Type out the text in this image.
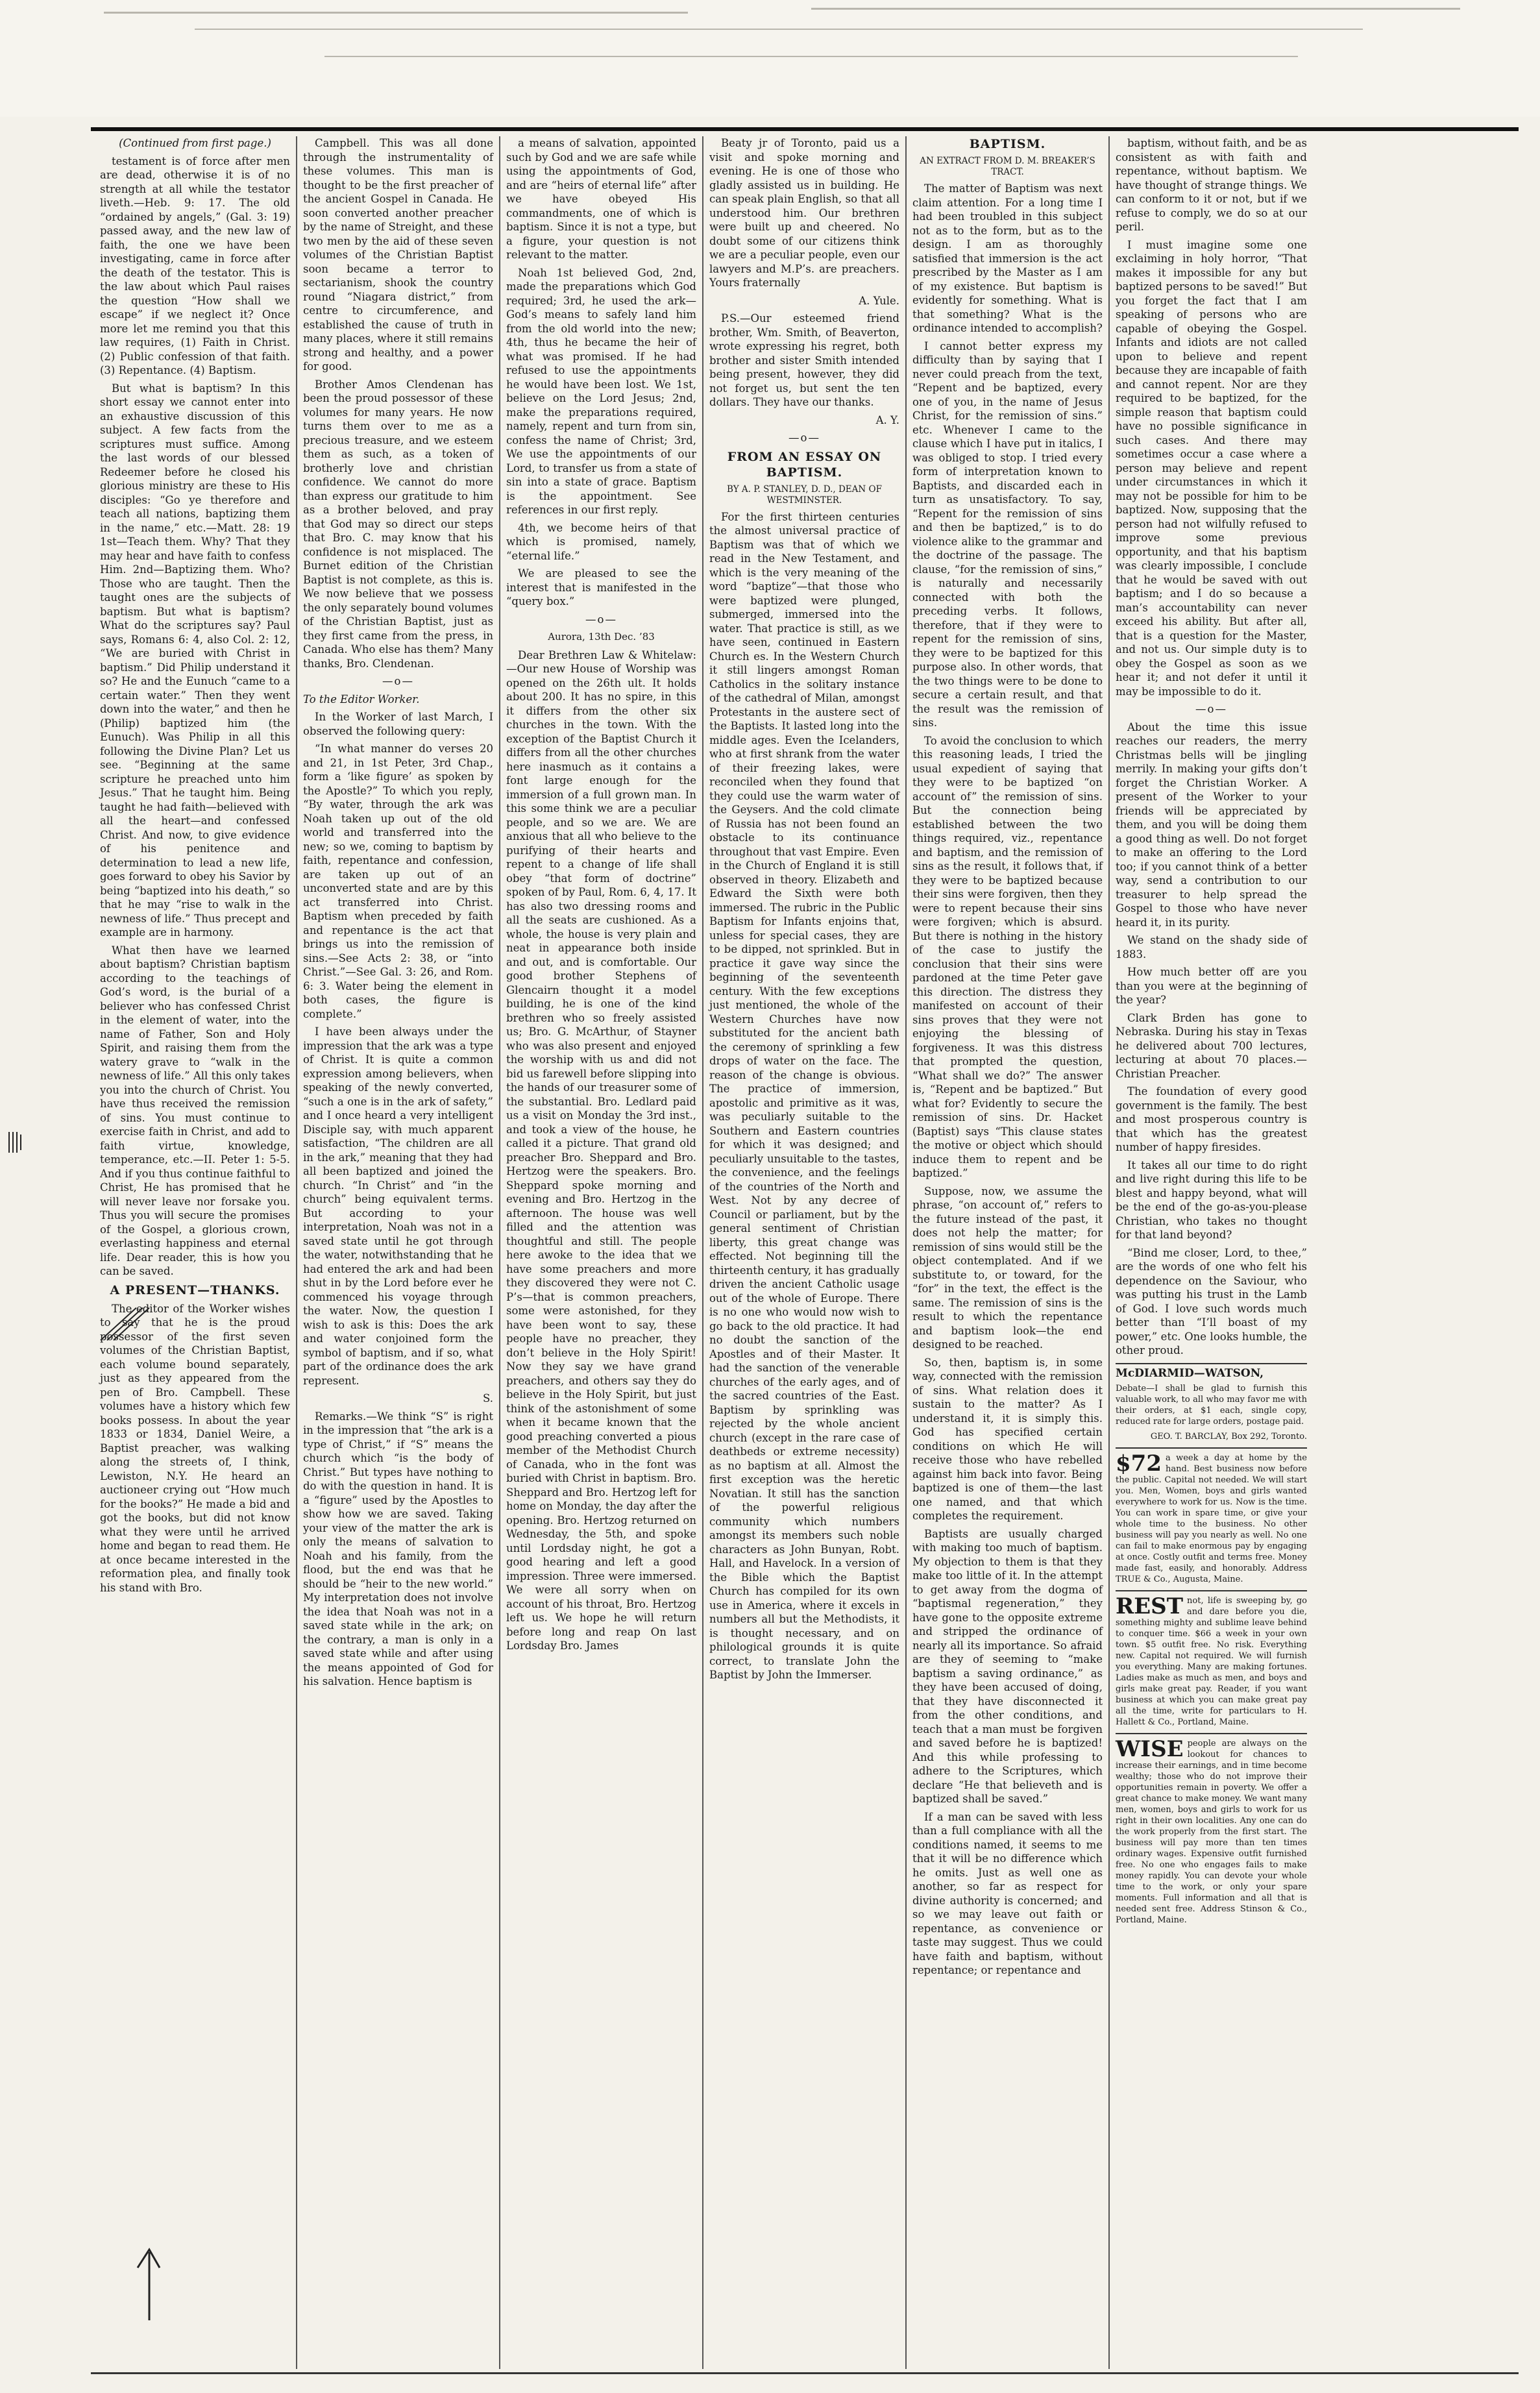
(Continued from first page.)

testament is of force after men are dead, otherwise it is of no strength at all while the testator liveth.—Heb. 9: 17. The old “ordained by angels,” (Gal. 3: 19) passed away, and the new law of faith, the one we have been investigating, came in force after the death of the testator. This is the law about which Paul raises the question “How shall we escape” if we neglect it? Once more let me remind you that this law requires, (1) Faith in Christ. (2) Public confession of that faith. (3) Repentance. (4) Baptism.

But what is baptism? In this short essay we cannot enter into an exhaustive discussion of this subject. A few facts from the scriptures must suffice. Among the last words of our blessed Redeemer before he closed his glorious ministry are these to His disciples: “Go ye therefore and teach all nations, baptizing them in the name,” etc.—Matt. 28: 19 1st—Teach them. Why? That they may hear and have faith to confess Him. 2nd—Baptizing them. Who? Those who are taught. Then the taught ones are the subjects of baptism. But what is baptism? What do the scriptures say? Paul says, Romans 6: 4, also Col. 2: 12, “We are buried with Christ in baptism.” Did Philip understand it so? He and the Eunuch “came to a certain water.” Then they went down into the water,” and then he (Philip) baptized him (the Eunuch). Was Philip in all this following the Divine Plan? Let us see. “Beginning at the same scripture he preached unto him Jesus.” That he taught him. Being taught he had faith—believed with all the heart—and confessed Christ. And now, to give evidence of his penitence and determination to lead a new life, goes forward to obey his Savior by being “baptized into his death,” so that he may “rise to walk in the newness of life.” Thus precept and example are in harmony.

What then have we learned about baptism? Christian baptism according to the teachings of God’s word, is the burial of a believer who has confessed Christ in the element of water, into the name of Father, Son and Holy Spirit, and raising them from the watery grave to “walk in the newness of life.” All this only takes you into the church of Christ. You have thus received the remission of sins. You must continue to exercise faith in Christ, and add to faith virtue, knowledge, temperance, etc.—II. Peter 1: 5-5. And if you thus continue faithful to Christ, He has promised that he will never leave nor forsake you. Thus you will secure the promises of the Gospel, a glorious crown, everlasting happiness and eternal life. Dear reader, this is how you can be saved.

A PRESENT—THANKS.

The editor of the Worker wishes to say that he is the proud possessor of the first seven volumes of the Christian Baptist, each volume bound separately, just as they appeared from the pen of Bro. Campbell. These volumes have a history which few books possess. In about the year 1833 or 1834, Daniel Weire, a Baptist preacher, was walking along the streets of, I think, Lewiston, N.Y. He heard an auctioneer crying out “How much for the books?” He made a bid and got the books, but did not know what they were until he arrived home and began to read them. He at once became interested in the reformation plea, and finally took his stand with Bro.

Campbell. This was all done through the instrumentality of these volumes. This man is thought to be the first preacher of the ancient Gospel in Canada. He soon converted another preacher by the name of Streight, and these two men by the aid of these seven volumes of the Christian Baptist soon became a terror to sectarianism, shook the country round “Niagara district,” from centre to circumference, and established the cause of truth in many places, where it still remains strong and healthy, and a power for good.

Brother Amos Clendenan has been the proud possessor of these volumes for many years. He now turns them over to me as a precious treasure, and we esteem them as such, as a token of brotherly love and christian confidence. We cannot do more than express our gratitude to him as a brother beloved, and pray that God may so direct our steps that Bro. C. may know that his confidence is not misplaced. The Burnet edition of the Christian Baptist is not complete, as this is. We now believe that we possess the only separately bound volumes of the Christian Baptist, just as they first came from the press, in Canada. Who else has them? Many thanks, Bro. Clendenan.

—o—

To the Editor Worker.

In the Worker of last March, I observed the following query:

“In what manner do verses 20 and 21, in 1st Peter, 3rd Chap., form a ‘like figure’ as spoken by the Apostle?” To which you reply, “By water, through the ark was Noah taken up out of the old world and transferred into the new; so we, coming to baptism by faith, repentance and confession, are taken up out of an unconverted state and are by this act transferred into Christ. Baptism when preceded by faith and repentance is the act that brings us into the remission of sins.—See Acts 2: 38, or “into Christ.”—See Gal. 3: 26, and Rom. 6: 3. Water being the element in both cases, the figure is complete.”

I have been always under the impression that the ark was a type of Christ. It is quite a common expression among believers, when speaking of the newly converted, “such a one is in the ark of safety,” and I once heard a very intelligent Disciple say, with much apparent satisfaction, “The children are all in the ark,” meaning that they had all been baptized and joined the church. “In Christ” and “in the church” being equivalent terms. But according to your interpretation, Noah was not in a saved state until he got through the water, notwithstanding that he had entered the ark and had been shut in by the Lord before ever he commenced his voyage through the water. Now, the question I wish to ask is this: Does the ark and water conjoined form the symbol of baptism, and if so, what part of the ordinance does the ark represent.

S.

Remarks.—We think “S” is right in the impression that “the ark is a type of Christ,” if “S” means the church which “is the body of Christ.” But types have nothing to do with the question in hand. It is a “figure” used by the Apostles to show how we are saved. Taking your view of the matter the ark is only the means of salvation to Noah and his family, from the flood, but the end was that he should be “heir to the new world.” My interpretation does not involve the idea that Noah was not in a saved state while in the ark; on the contrary, a man is only in a saved state while and after using the means appointed of God for his salvation. Hence baptism is

a means of salvation, appointed such by God and we are safe while using the appointments of God, and are “heirs of eternal life” after we have obeyed His commandments, one of which is baptism. Since it is not a type, but a figure, your question is not relevant to the matter.

Noah 1st believed God, 2nd, made the preparations which God required; 3rd, he used the ark—God’s means to safely land him from the old world into the new; 4th, thus he became the heir of what was promised. If he had refused to use the appointments he would have been lost. We 1st, believe on the Lord Jesus; 2nd, make the preparations required, namely, repent and turn from sin, confess the name of Christ; 3rd, We use the appointments of our Lord, to transfer us from a state of sin into a state of grace. Baptism is the appointment. See references in our first reply.

4th, we become heirs of that which is promised, namely, “eternal life.”

We are pleased to see the interest that is manifested in the “query box.”

—o—

Aurora, 13th Dec. ’83

Dear Brethren Law & Whitelaw:—Our new House of Worship was opened on the 26th ult. It holds about 200. It has no spire, in this it differs from the other six churches in the town. With the exception of the Baptist Church it differs from all the other churches here inasmuch as it contains a font large enough for the immersion of a full grown man. In this some think we are a peculiar people, and so we are. We are anxious that all who believe to the purifying of their hearts and repent to a change of life shall obey “that form of doctrine” spoken of by Paul, Rom. 6, 4, 17. It has also two dressing rooms and all the seats are cushioned. As a whole, the house is very plain and neat in appearance both inside and out, and is comfortable. Our good brother Stephens of Glencairn thought it a model building, he is one of the kind brethren who so freely assisted us; Bro. G. McArthur, of Stayner who was also present and enjoyed the worship with us and did not bid us farewell before slipping into the hands of our treasurer some of the substantial. Bro. Ledlard paid us a visit on Monday the 3rd inst., and took a view of the house, he called it a picture. That grand old preacher Bro. Sheppard and Bro. Hertzog were the speakers. Bro. Sheppard spoke morning and evening and Bro. Hertzog in the afternoon. The house was well filled and the attention was thoughtful and still. The people here awoke to the idea that we have some preachers and more they discovered they were not C. P’s—that is common preachers, some were astonished, for they have been wont to say, these people have no preacher, they don’t believe in the Holy Spirit! Now they say we have grand preachers, and others say they do believe in the Holy Spirit, but just think of the astonishment of some when it became known that the good preaching converted a pious member of the Methodist Church of Canada, who in the font was buried with Christ in baptism. Bro. Sheppard and Bro. Hertzog left for home on Monday, the day after the opening. Bro. Hertzog returned on Wednesday, the 5th, and spoke until Lordsday night, he got a good hearing and left a good impression. Three were immersed. We were all sorry when on account of his throat, Bro. Hertzog left us. We hope he will return before long and reap On last Lordsday Bro. James

Beaty jr of Toronto, paid us a visit and spoke morning and evening. He is one of those who gladly assisted us in building. He can speak plain English, so that all understood him. Our brethren were built up and cheered. No doubt some of our citizens think we are a peculiar people, even our lawyers and M.P’s. are preachers. Yours fraternally

A. Yule.

P.S.—Our esteemed friend brother, Wm. Smith, of Beaverton, wrote expressing his regret, both brother and sister Smith intended being present, however, they did not forget us, but sent the ten dollars. They have our thanks.

A. Y.

—o—

FROM AN ESSAY ON BAPTISM.

BY A. P. STANLEY, D. D., DEAN OF WESTMINSTER.

For the first thirteen centuries the almost universal practice of Baptism was that of which we read in the New Testament, and which is the very meaning of the word “baptize”—that those who were baptized were plunged, submerged, immersed into the water. That practice is still, as we have seen, continued in Eastern Church es. In the Western Church it still lingers amongst Roman Catholics in the solitary instance of the cathedral of Milan, amongst Protestants in the austere sect of the Baptists. It lasted long into the middle ages. Even the Icelanders, who at first shrank from the water of their freezing lakes, were reconciled when they found that they could use the warm water of the Geysers. And the cold climate of Russia has not been found an obstacle to its continuance throughout that vast Empire. Even in the Church of England it is still observed in theory. Elizabeth and Edward the Sixth were both immersed. The rubric in the Public Baptism for Infants enjoins that, unless for special cases, they are to be dipped, not sprinkled. But in practice it gave way since the beginning of the seventeenth century. With the few exceptions just mentioned, the whole of the Western Churches have now substituted for the ancient bath the ceremony of sprinkling a few drops of water on the face. The reason of the change is obvious. The practice of immersion, apostolic and primitive as it was, was peculiarly suitable to the Southern and Eastern countries for which it was designed; and peculiarly unsuitable to the tastes, the convenience, and the feelings of the countries of the North and West. Not by any decree of Council or parliament, but by the general sentiment of Christian liberty, this great change was effected. Not beginning till the thirteenth century, it has gradually driven the ancient Catholic usage out of the whole of Europe. There is no one who would now wish to go back to the old practice. It had no doubt the sanction of the Apostles and of their Master. It had the sanction of the venerable churches of the early ages, and of the sacred countries of the East. Baptism by sprinkling was rejected by the whole ancient church (except in the rare case of deathbeds or extreme necessity) as no baptism at all. Almost the first exception was the heretic Novatian. It still has the sanction of the powerful religious community which numbers amongst its members such noble characters as John Bunyan, Robt. Hall, and Havelock. In a version of the Bible which the Baptist Church has compiled for its own use in America, where it excels in numbers all but the Methodists, it is thought necessary, and on philological grounds it is quite correct, to translate John the Baptist by John the Immerser.

BAPTISM.

AN EXTRACT FROM D. M. BREAKER’S TRACT.

The matter of Baptism was next claim attention. For a long time I had been troubled in this subject not as to the form, but as to the design. I am as thoroughly satisfied that immersion is the act prescribed by the Master as I am of my existence. But baptism is evidently for something. What is that something? What is the ordinance intended to accomplish?

I cannot better express my difficulty than by saying that I never could preach from the text, “Repent and be baptized, every one of you, in the name of Jesus Christ, for the remission of sins.” etc. Whenever I came to the clause which I have put in italics, I was obliged to stop. I tried every form of interpretation known to Baptists, and discarded each in turn as unsatisfactory. To say, “Repent for the remission of sins and then be baptized,” is to do violence alike to the grammar and the doctrine of the passage. The clause, “for the remission of sins,” is naturally and necessarily connected with both the preceding verbs. It follows, therefore, that if they were to repent for the remission of sins, they were to be baptized for this purpose also. In other words, that the two things were to be done to secure a certain result, and that the result was the remission of sins.

To avoid the conclusion to which this reasoning leads, I tried the usual expedient of saying that they were to be baptized “on account of” the remission of sins. But the connection being established between the two things required, viz., repentance and baptism, and the remission of sins as the result, it follows that, if they were to be baptized because their sins were forgiven, then they were to repent because their sins were forgiven; which is absurd. But there is nothing in the history of the case to justify the conclusion that their sins were pardoned at the time Peter gave this direction. The distress they manifested on account of their sins proves that they were not enjoying the blessing of forgiveness. It was this distress that prompted the question, “What shall we do?” The answer is, “Repent and be baptized.” But what for? Evidently to secure the remission of sins. Dr. Hacket (Baptist) says “This clause states the motive or object which should induce them to repent and be baptized.”

Suppose, now, we assume the phrase, “on account of,” refers to the future instead of the past, it does not help the matter; for remission of sins would still be the object contemplated. And if we substitute to, or toward, for the “for” in the text, the effect is the same. The remission of sins is the result to which the repentance and baptism look—the end designed to be reached.

So, then, baptism is, in some way, connected with the remission of sins. What relation does it sustain to the matter? As I understand it, it is simply this. God has specified certain conditions on which He will receive those who have rebelled against him back into favor. Being baptized is one of them—the last one named, and that which completes the requirement.

Baptists are usually charged with making too much of baptism. My objection to them is that they make too little of it. In the attempt to get away from the dogma of “baptismal regeneration,” they have gone to the opposite extreme and stripped the ordinance of nearly all its importance. So afraid are they of seeming to “make baptism a saving ordinance,” as they have been accused of doing, that they have disconnected it from the other conditions, and teach that a man must be forgiven and saved before he is baptized! And this while professing to adhere to the Scriptures, which declare “He that believeth and is baptized shall be saved.”

If a man can be saved with less than a full compliance with all the conditions named, it seems to me that it will be no difference which he omits. Just as well one as another, so far as respect for divine authority is concerned; and so we may leave out faith or repentance, as convenience or taste may suggest. Thus we could have faith and baptism, without repentance; or repentance and

baptism, without faith, and be as consistent as with faith and repentance, without baptism. We have thought of strange things. We can conform to it or not, but if we refuse to comply, we do so at our peril.

I must imagine some one exclaiming in holy horror, “That makes it impossible for any but baptized persons to be saved!” But you forget the fact that I am speaking of persons who are capable of obeying the Gospel. Infants and idiots are not called upon to believe and repent because they are incapable of faith and cannot repent. Nor are they required to be baptized, for the simple reason that baptism could have no possible significance in such cases. And there may sometimes occur a case where a person may believe and repent under circumstances in which it may not be possible for him to be baptized. Now, supposing that the person had not wilfully refused to improve some previous opportunity, and that his baptism was clearly impossible, I conclude that he would be saved with out baptism; and I do so because a man’s accountability can never exceed his ability. But after all, that is a question for the Master, and not us. Our simple duty is to obey the Gospel as soon as we hear it; and not defer it until it may be impossible to do it.

—o—

About the time this issue reaches our readers, the merry Christmas bells will be jingling merrily. In making your gifts don’t forget the Christian Worker. A present of the Worker to your friends will be appreciated by them, and you will be doing them a good thing as well. Do not forget to make an offering to the Lord too; if you cannot think of a better way, send a contribution to our treasurer to help spread the Gospel to those who have never heard it, in its purity.

We stand on the shady side of 1883.

How much better off are you than you were at the beginning of the year?

Clark Brden has gone to Nebraska. During his stay in Texas he delivered about 700 lectures, lecturing at about 70 places.—Christian Preacher.

The foundation of every good government is the family. The best and most prosperous country is that which has the greatest number of happy firesides.

It takes all our time to do right and live right during this life to be blest and happy beyond, what will be the end of the go-as-you-please Christian, who takes no thought for that land beyond?

“Bind me closer, Lord, to thee,” are the words of one who felt his dependence on the Saviour, who was putting his trust in the Lamb of God. I love such words much better than “I’ll boast of my power,” etc. One looks humble, the other proud.

McDIARMID—WATSON,

Debate—I shall be glad to furnish this valuable work, to all who may favor me with their orders, at $1 each, single copy, reduced rate for large orders, postage paid.

GEO. T. BARCLAY, Box 292, Toronto.

$72 a week a day at home by the hand. Best business now before the public. Capital not needed. We will start you. Men, Women, boys and girls wanted everywhere to work for us. Now is the time. You can work in spare time, or give your whole time to the business. No other business will pay you nearly as well. No one can fail to make enormous pay by engaging at once. Costly outfit and terms free. Money made fast, easily, and honorably. Address TRUE & Co., Augusta, Maine.

REST not, life is sweeping by, go and dare before you die, something mighty and sublime leave behind to conquer time. $66 a week in your own town. $5 outfit free. No risk. Everything new. Capital not required. We will furnish you everything. Many are making fortunes. Ladies make as much as men, and boys and girls make great pay. Reader, if you want business at which you can make great pay all the time, write for particulars to H. Hallett & Co., Portland, Maine.

WISE people are always on the lookout for chances to increase their earnings, and in time become wealthy; those who do not improve their opportunities remain in poverty. We offer a great chance to make money. We want many men, women, boys and girls to work for us right in their own localities. Any one can do the work properly from the first start. The business will pay more than ten times ordinary wages. Expensive outfit furnished free. No one who engages fails to make money rapidly. You can devote your whole time to the work, or only your spare moments. Full information and all that is needed sent free. Address Stinson & Co., Portland, Maine.
